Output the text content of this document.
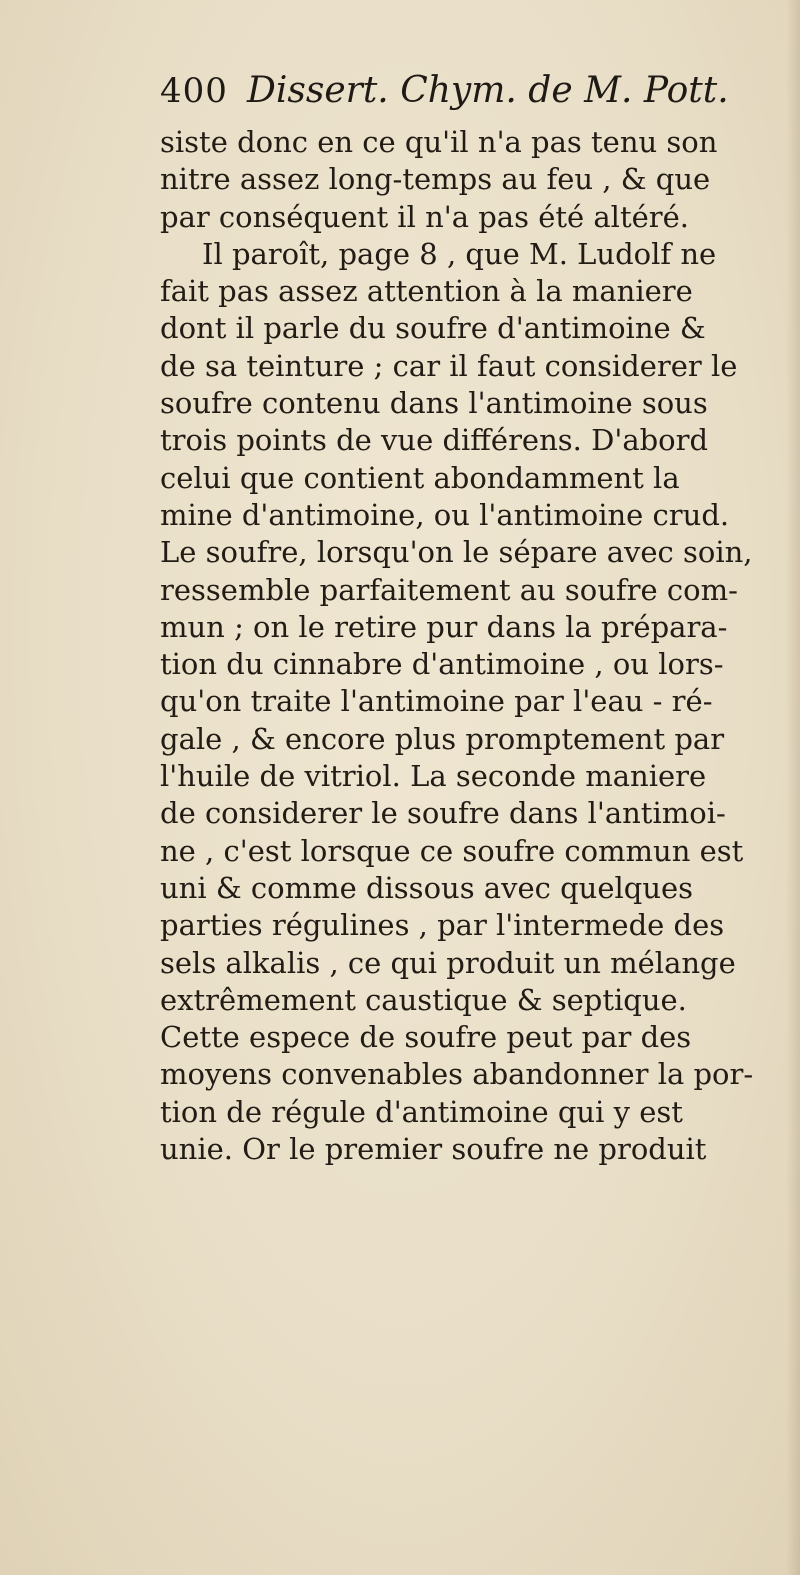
400 Dissert. Chym. de M. Pott.
siste donc en ce qu'il n'a pas tenu son
nitre assez long-temps au feu , & que
par conséquent il n'a pas été altéré.
Il paroît, page 8 , que M. Ludolf ne
fait pas assez attention à la maniere
dont il parle du soufre d'antimoine &
de sa teinture ; car il faut considerer le
soufre contenu dans l'antimoine sous
trois points de vue différens. D'abord
celui que contient abondamment la
mine d'antimoine, ou l'antimoine crud.
Le soufre, lorsqu'on le sépare avec soin,
ressemble parfaitement au soufre com-
mun ; on le retire pur dans la prépara-
tion du cinnabre d'antimoine , ou lors-
qu'on traite l'antimoine par l'eau - ré-
gale , & encore plus promptement par
l'huile de vitriol. La seconde maniere
de considerer le soufre dans l'antimoi-
ne , c'est lorsque ce soufre commun est
uni & comme dissous avec quelques
parties régulines , par l'intermede des
sels alkalis , ce qui produit un mélange
extrêmement caustique & septique.
Cette espece de soufre peut par des
moyens convenables abandonner la por-
tion de régule d'antimoine qui y est
unie. Or le premier soufre ne produit
